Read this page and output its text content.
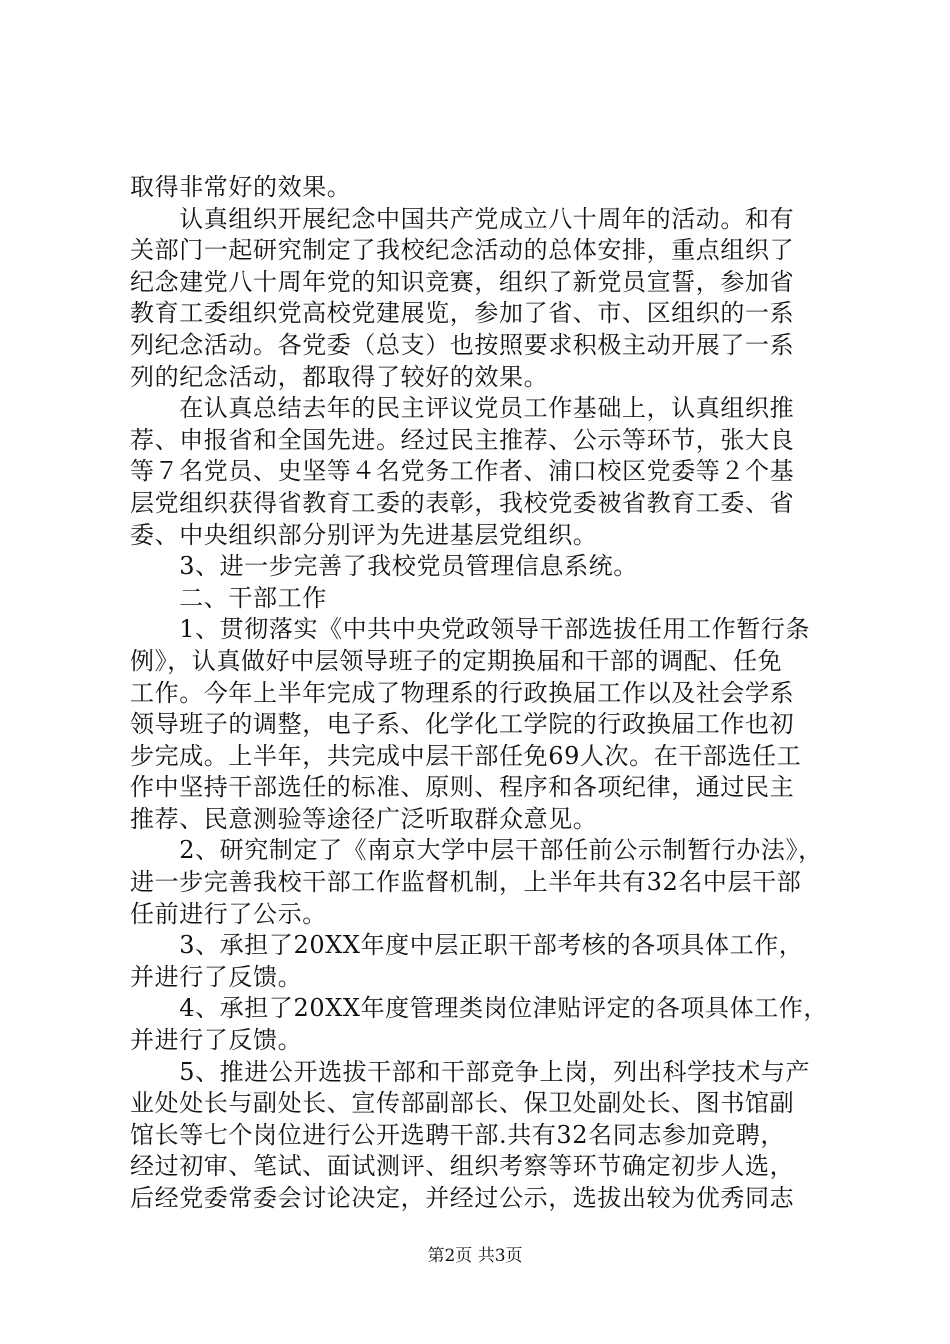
取得非常好的效果。
　　认真组织开展纪念中国共产党成立八十周年的活动。和有
关部门一起研究制定了我校纪念活动的总体安排，重点组织了
纪念建党八十周年党的知识竞赛，组织了新党员宣誓，参加省
教育工委组织党高校党建展览，参加了省、市、区组织的一系
列纪念活动。各党委（总支）也按照要求积极主动开展了一系
列的纪念活动，都取得了较好的效果。
　　在认真总结去年的民主评议党员工作基础上，认真组织推
荐、申报省和全国先进。经过民主推荐、公示等环节，张大良
等７名党员、史坚等４名党务工作者、浦口校区党委等２个基
层党组织获得省教育工委的表彰，我校党委被省教育工委、省
委、中央组织部分别评为先进基层党组织。
　　3、进一步完善了我校党员管理信息系统。
　　二、干部工作
　　1、贯彻落实《中共中央党政领导干部选拔任用工作暂行条
例》，认真做好中层领导班子的定期换届和干部的调配、任免
工作。今年上半年完成了物理系的行政换届工作以及社会学系
领导班子的调整，电子系、化学化工学院的行政换届工作也初
步完成。上半年，共完成中层干部任免69人次。在干部选任工
作中坚持干部选任的标准、原则、程序和各项纪律，通过民主
推荐、民意测验等途径广泛听取群众意见。
　　2、研究制定了《南京大学中层干部任前公示制暂行办法》，
进一步完善我校干部工作监督机制，上半年共有32名中层干部
任前进行了公示。
　　3、承担了20XX年度中层正职干部考核的各项具体工作，
并进行了反馈。
　　4、承担了20XX年度管理类岗位津贴评定的各项具体工作，
并进行了反馈。
　　5、推进公开选拔干部和干部竞争上岗，列出科学技术与产
业处处长与副处长、宣传部副部长、保卫处副处长、图书馆副
馆长等七个岗位进行公开选聘干部.共有32名同志参加竞聘，
经过初审、笔试、面试测评、组织考察等环节确定初步人选，
后经党委常委会讨论决定，并经过公示，选拔出较为优秀同志
第2页 共3页
